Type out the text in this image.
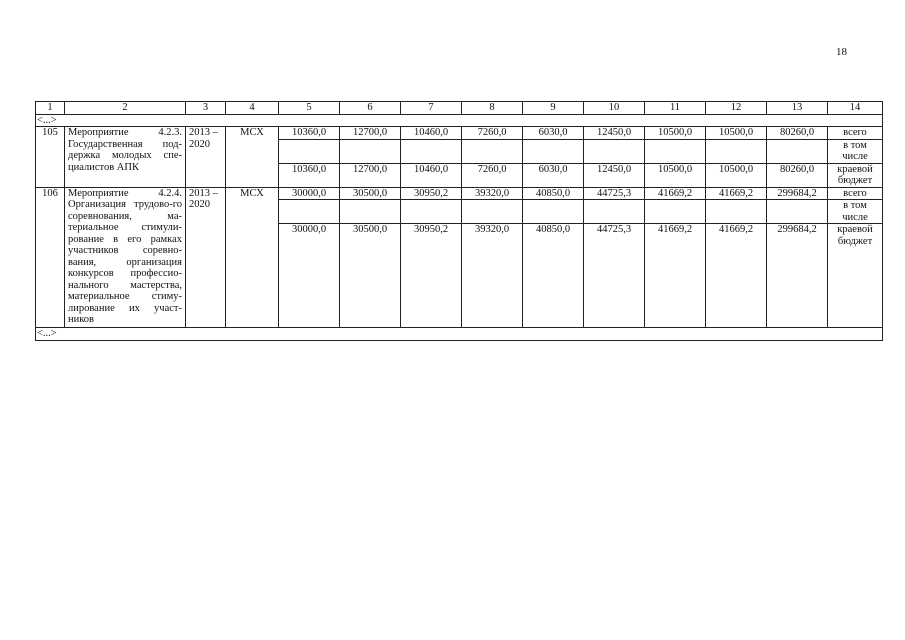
18
1	2	3	4	5	6	7	8	9	10	11	12	13	14
<...>													
105	Мероприятие 4.2.3. Государственная под-держка молодых спе-циалистов АПК	2013 – 2020	МСХ	10360,0	12700,0	10460,0	7260,0	6030,0	12450,0	10500,0	10500,0	80260,0	всего
													в том числе
				10360,0	12700,0	10460,0	7260,0	6030,0	12450,0	10500,0	10500,0	80260,0	краевой бюджет
106	Мероприятие 4.2.4. Организация трудово-го соревнования, ма-териальное стимули-рование в его рамках участников соревно-вания, организация конкурсов профессио-нального мастерства, материальное стиму-лирование их участ-ников	2013 – 2020	МСХ	30000,0	30500,0	30950,2	39320,0	40850,0	44725,3	41669,2	41669,2	299684,2	всего
													в том числе
				30000,0	30500,0	30950,2	39320,0	40850,0	44725,3	41669,2	41669,2	299684,2	краевой бюджет
<...>													
